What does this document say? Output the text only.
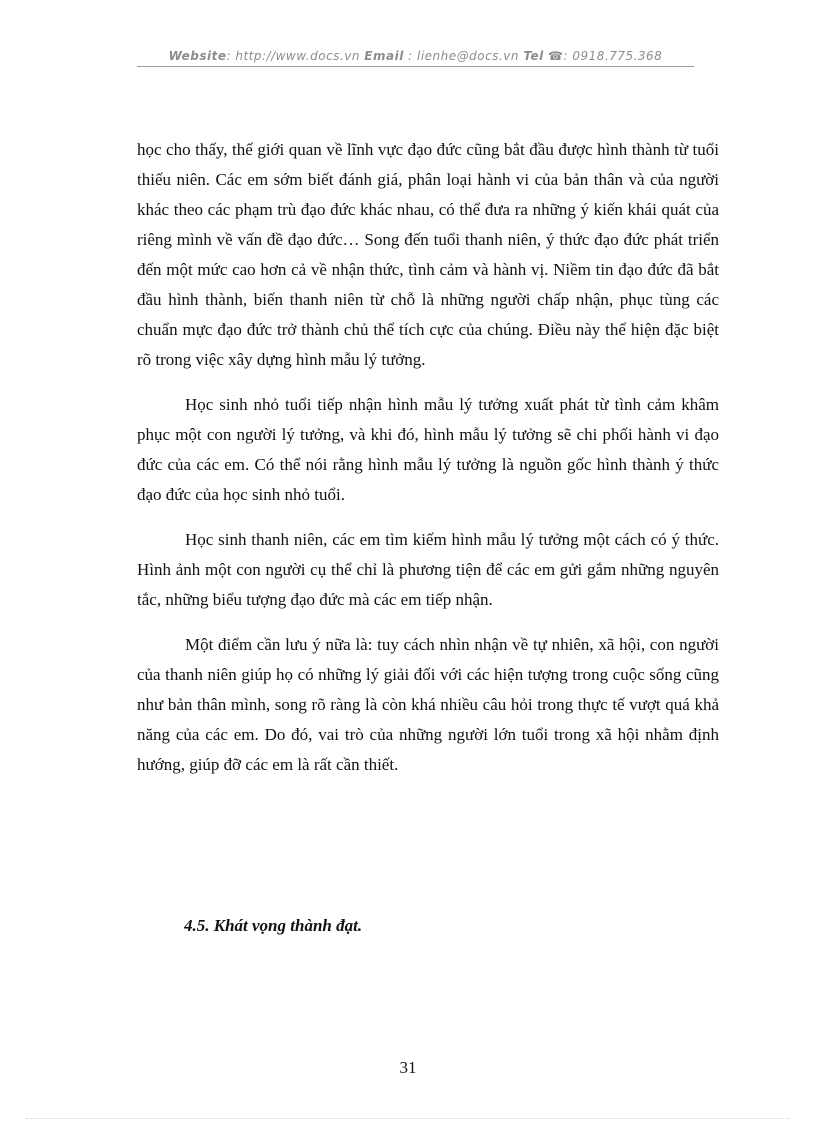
Website: http://www.docs.vn Email : lienhe@docs.vn Tel ☎: 0918.775.368

học cho thấy, thế giới quan về lĩnh vực đạo đức cũng bắt đầu được hình thành từ tuổi thiếu niên. Các em sớm biết đánh giá, phân loại hành vi của bản thân và của người khác theo các phạm trù đạo đức khác nhau, có thể đưa ra những ý kiến khái quát của riêng mình về vấn đề đạo đức… Song đến tuổi thanh niên, ý thức đạo đức phát triển đến một mức cao hơn cả về nhận thức, tình cảm và hành vị. Niềm tin đạo đức đã bắt đầu hình thành, biến thanh niên từ chỗ là những người chấp nhận, phục tùng các chuẩn mực đạo đức trở thành chủ thể tích cực của chúng. Điều này thể hiện đặc biệt rõ trong việc xây dựng hình mẫu lý tưởng.

Học sinh nhỏ tuổi tiếp nhận hình mẫu lý tưởng xuất phát từ tình cảm khâm phục một con người lý tưởng, và khi đó, hình mẫu lý tưởng sẽ chi phối hành vi đạo đức của các em. Có thể nói rằng hình mẫu lý tưởng là nguồn gốc hình thành ý thức đạo đức của học sinh nhỏ tuổi.

Học sinh thanh niên, các em tìm kiếm hình mẫu lý tưởng một cách có ý thức. Hình ảnh một con người cụ thể chỉ là phương tiện để các em gửi gắm những nguyên tắc, những biểu tượng đạo đức mà các em tiếp nhận.

Một điểm cần lưu ý nữa là: tuy cách nhìn nhận về tự nhiên, xã hội, con người của thanh niên giúp họ có những lý giải đối với các hiện tượng trong cuộc sống cũng như bản thân mình, song rõ ràng là còn khá nhiều câu hỏi trong thực tế vượt quá khả năng của các em. Do đó, vai trò của những người lớn tuổi trong xã hội nhằm định hướng, giúp đỡ các em là rất cần thiết.

4.5. Khát vọng thành đạt.
31
